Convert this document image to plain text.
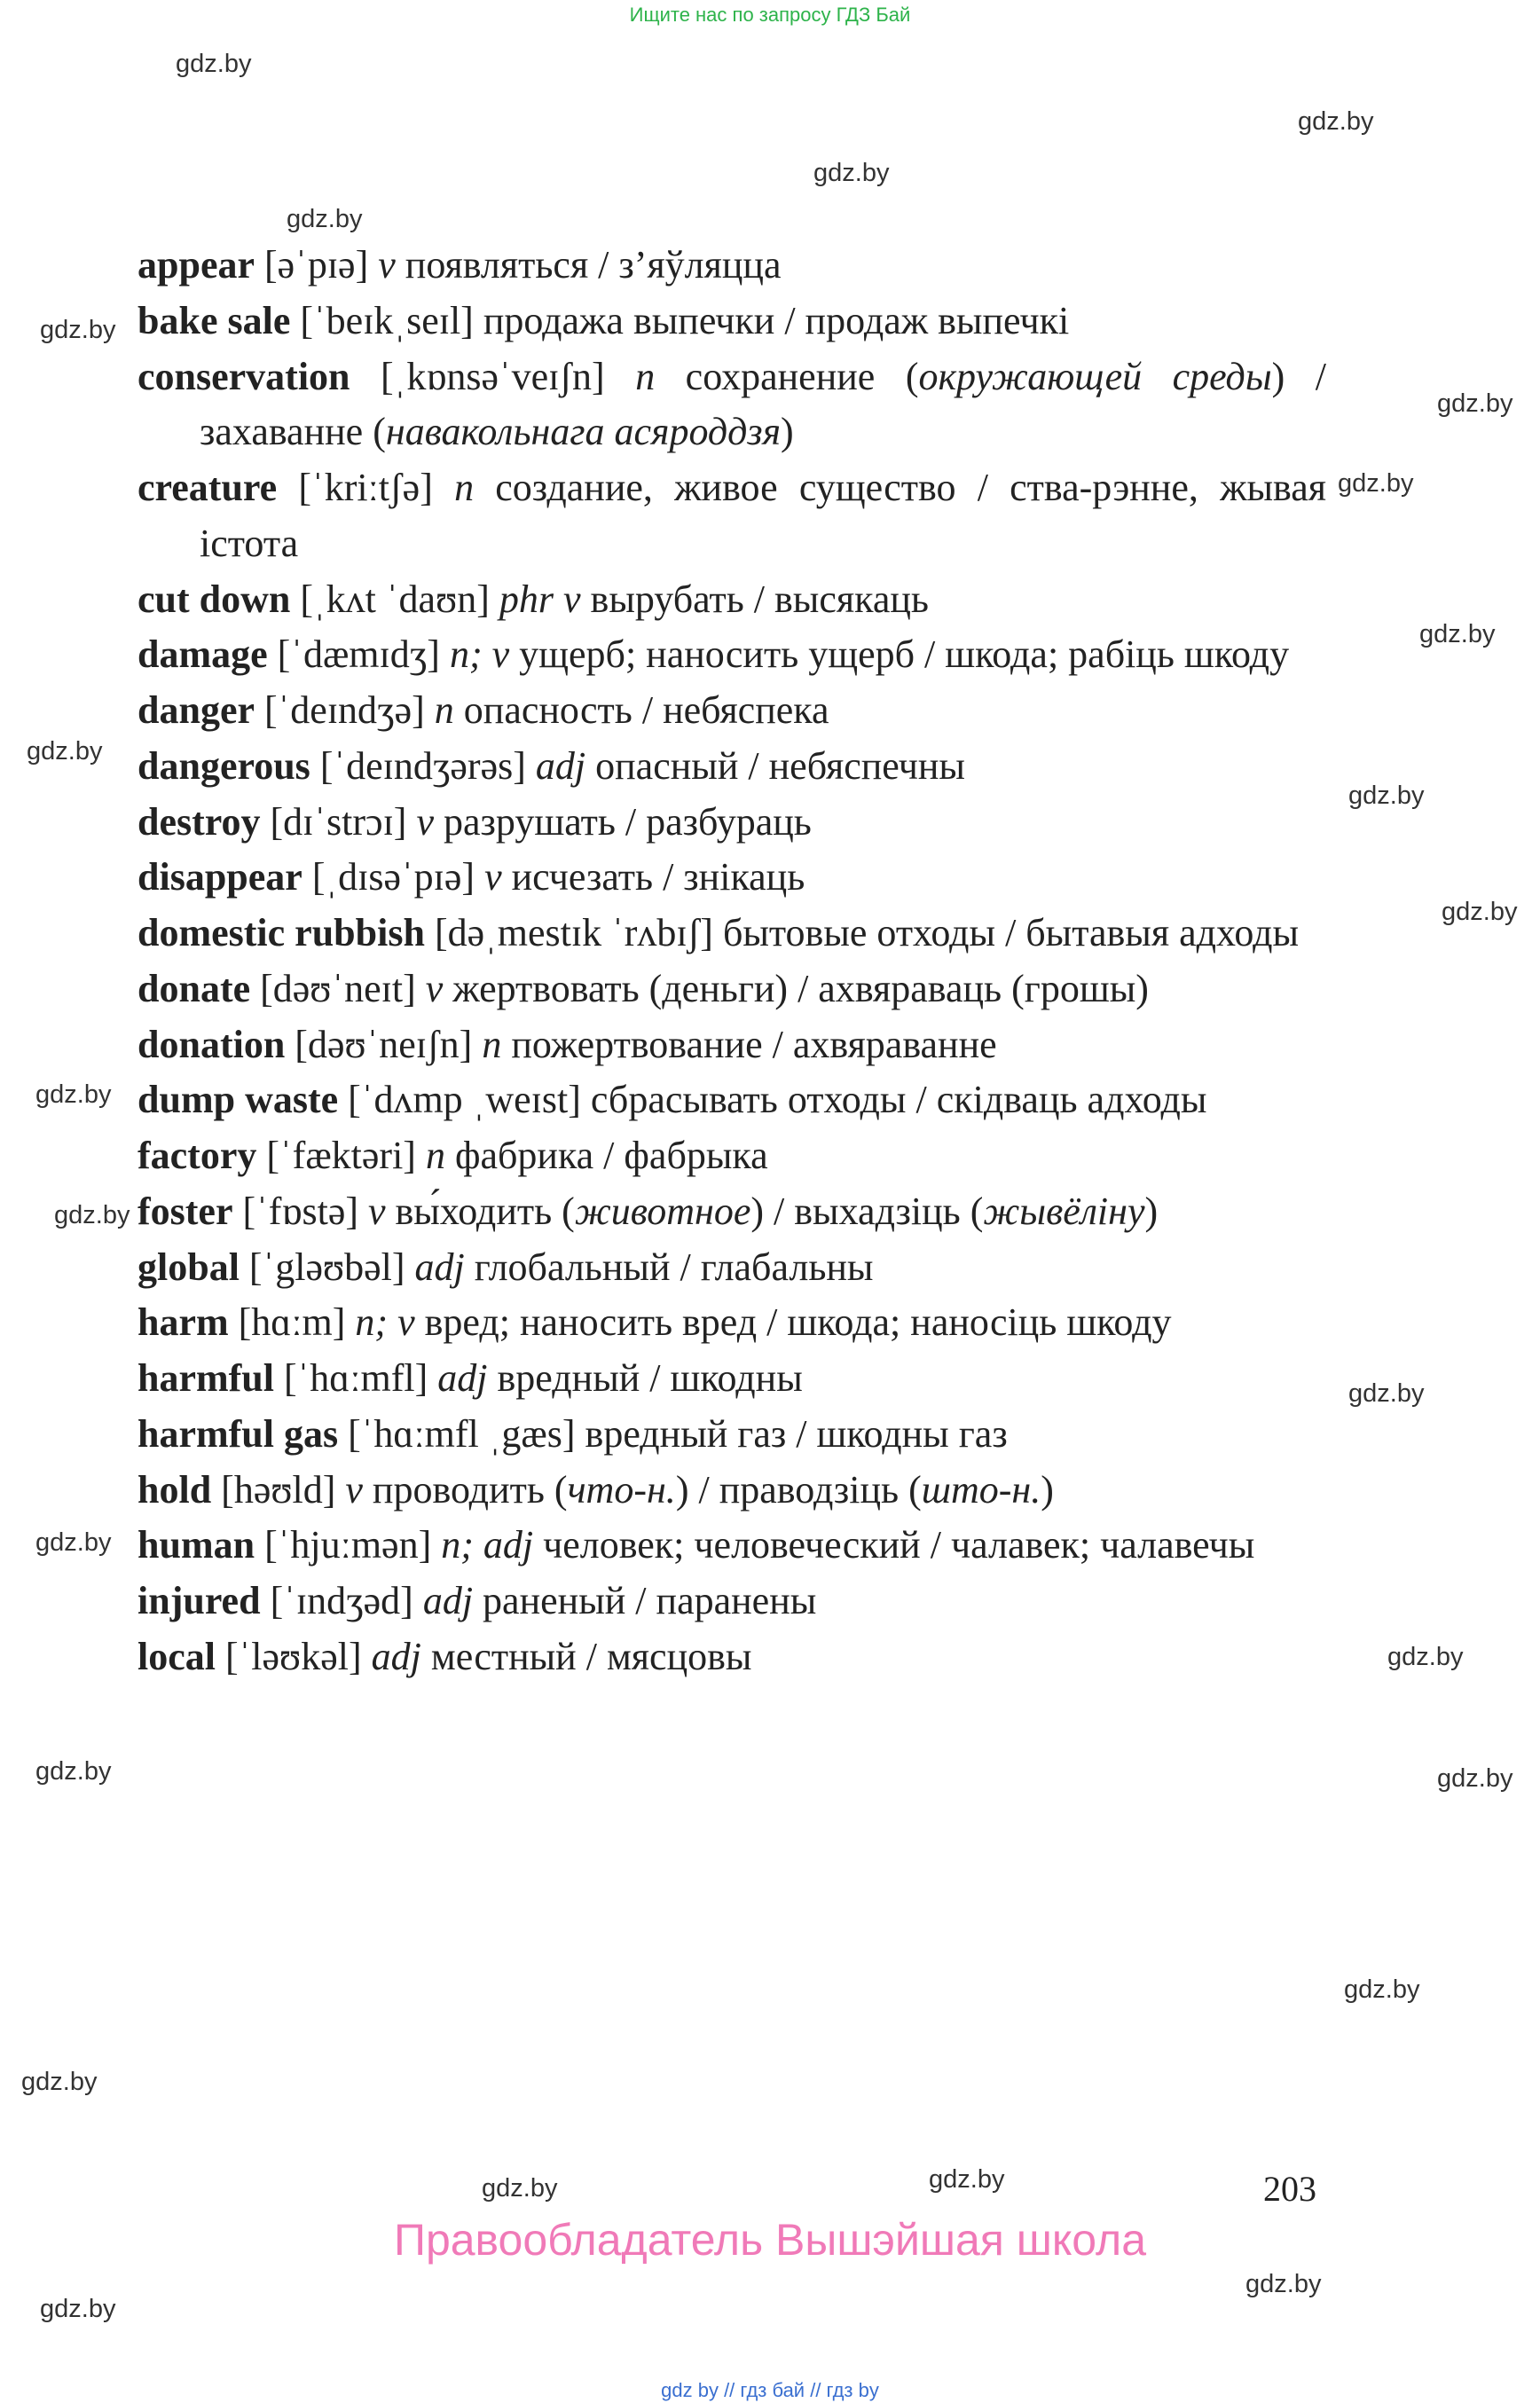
Ищите нас по запросу ГДЗ Бай

appear [əˈpɪə] v появляться / з’яўляцца

bake sale [ˈbeɪkˌseɪl] продажа выпечки / продаж выпечкі

conservation [ˌkɒnsəˈveɪʃn] n сохранение (окружающей среды) / захаванне (навакольнага асяроддзя)

creature [ˈkriːtʃə] n создание, живое существо / ства-рэнне, жывая істота

cut down [ˌkʌt ˈdaʊn] phr v вырубать / высякаць

damage [ˈdæmɪdʒ] n; v ущерб; наносить ущерб / шкода; рабіць шкоду

danger [ˈdeɪndʒə] n опасность / небяспека

dangerous [ˈdeɪndʒərəs] adj опасный / небяспечны

destroy [dɪˈstrɔɪ] v разрушать / разбураць

disappear [ˌdɪsəˈpɪə] v исчезать / знікаць

domestic rubbish [dəˌmestɪk ˈrʌbɪʃ] бытовые отходы / бытавыя адходы

donate [dəʊˈneɪt] v жертвовать (деньги) / ахвяраваць (грошы)

donation [dəʊˈneɪʃn] n пожертвование / ахвяраванне

dump waste [ˈdʌmp ˌweɪst] сбрасывать отходы / скідваць адходы

factory [ˈfæktəri] n фабрика / фабрыка

foster [ˈfɒstə] v вы́ходить (животное) / выхадзіць (жывёліну)

global [ˈgləʊbəl] adj глобальный / глабальны

harm [hɑːm] n; v вред; наносить вред / шкода; наносіць шкоду

harmful [ˈhɑːmfl] adj вредный / шкодны

harmful gas [ˈhɑːmfl ˌgæs] вредный газ / шкодны газ

hold [həʊld] v проводить (что-н.) / праводзіць (што-н.)

human [ˈhjuːmən] n; adj человек; человеческий / чалавек; чалавечы

injured [ˈɪndʒəd] adj раненый / паранены

local [ˈləʊkəl] adj местный / мясцовы

gdz.by
gdz.by
gdz.by
gdz.by
gdz.by
gdz.by
gdz.by
gdz.by
gdz.by
gdz.by
gdz.by
gdz.by
gdz.by
gdz.by
gdz.by
gdz.by
gdz.by	gdz.by
gdz.by
gdz.by
gdz.by
gdz.by
gdz.by
gdz.by
203
Правообладатель Вышэйшая школа
gdz by // гдз бай // гдз by
